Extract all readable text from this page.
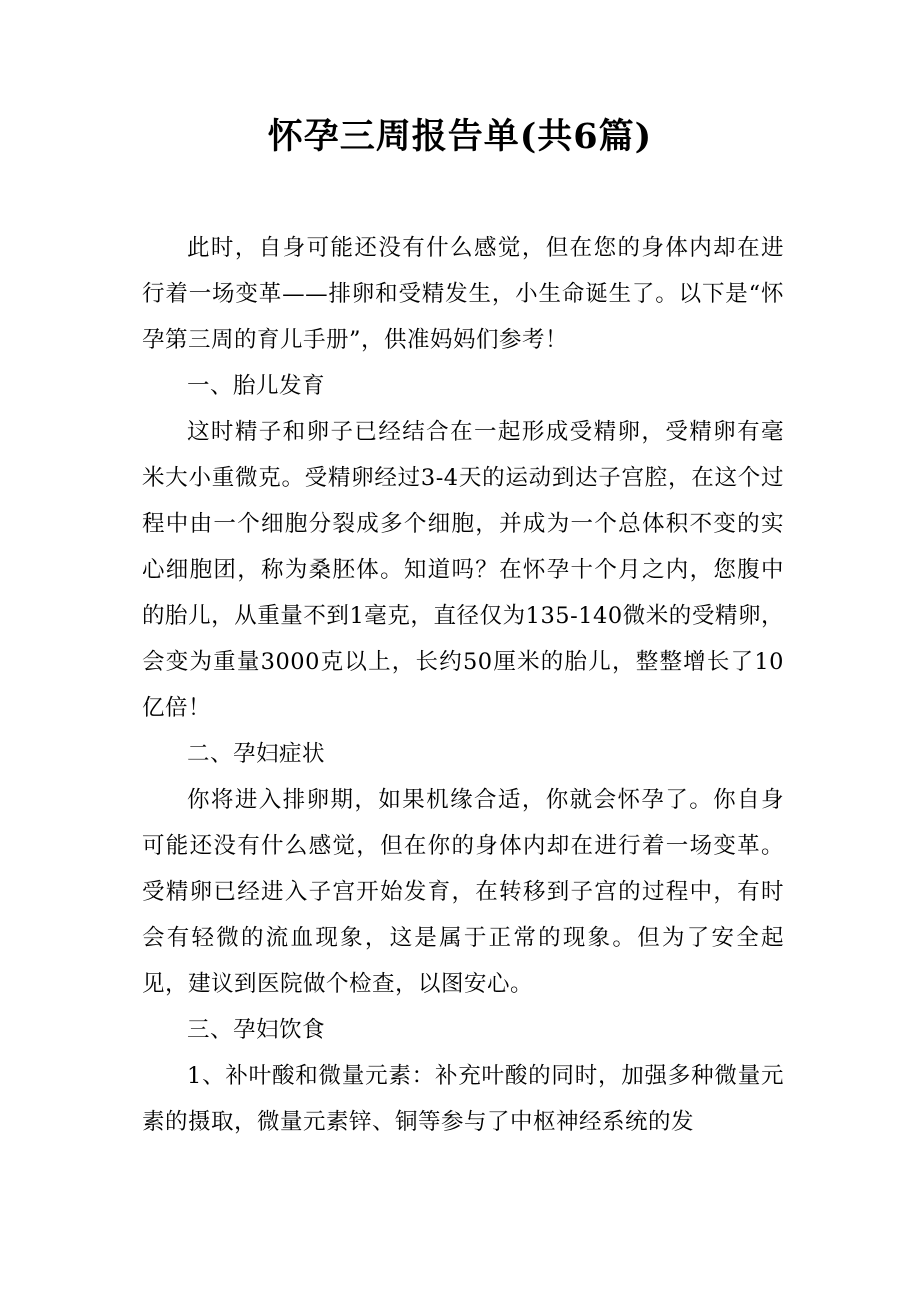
怀孕三周报告单(共6篇)

此时，自身可能还没有什么感觉，但在您的身体内却在进行着一场变革——排卵和受精发生，小生命诞生了。以下是“怀孕第三周的育儿手册”，供准妈妈们参考！

一、胎儿发育

这时精子和卵子已经结合在一起形成受精卵，受精卵有毫米大小重微克。受精卵经过3-4天的运动到达子宫腔，在这个过程中由一个细胞分裂成多个细胞，并成为一个总体积不变的实心细胞团，称为桑胚体。知道吗？在怀孕十个月之内，您腹中的胎儿，从重量不到1毫克，直径仅为135-140微米的受精卵，会变为重量3000克以上，长约50厘米的胎儿，整整增长了10亿倍！

二、孕妇症状

你将进入排卵期，如果机缘合适，你就会怀孕了。你自身可能还没有什么感觉，但在你的身体内却在进行着一场变革。受精卵已经进入子宫开始发育，在转移到子宫的过程中，有时会有轻微的流血现象，这是属于正常的现象。但为了安全起见，建议到医院做个检查，以图安心。

三、孕妇饮食

1、补叶酸和微量元素：补充叶酸的同时，加强多种微量元素的摄取，微量元素锌、铜等参与了中枢神经系统的发
